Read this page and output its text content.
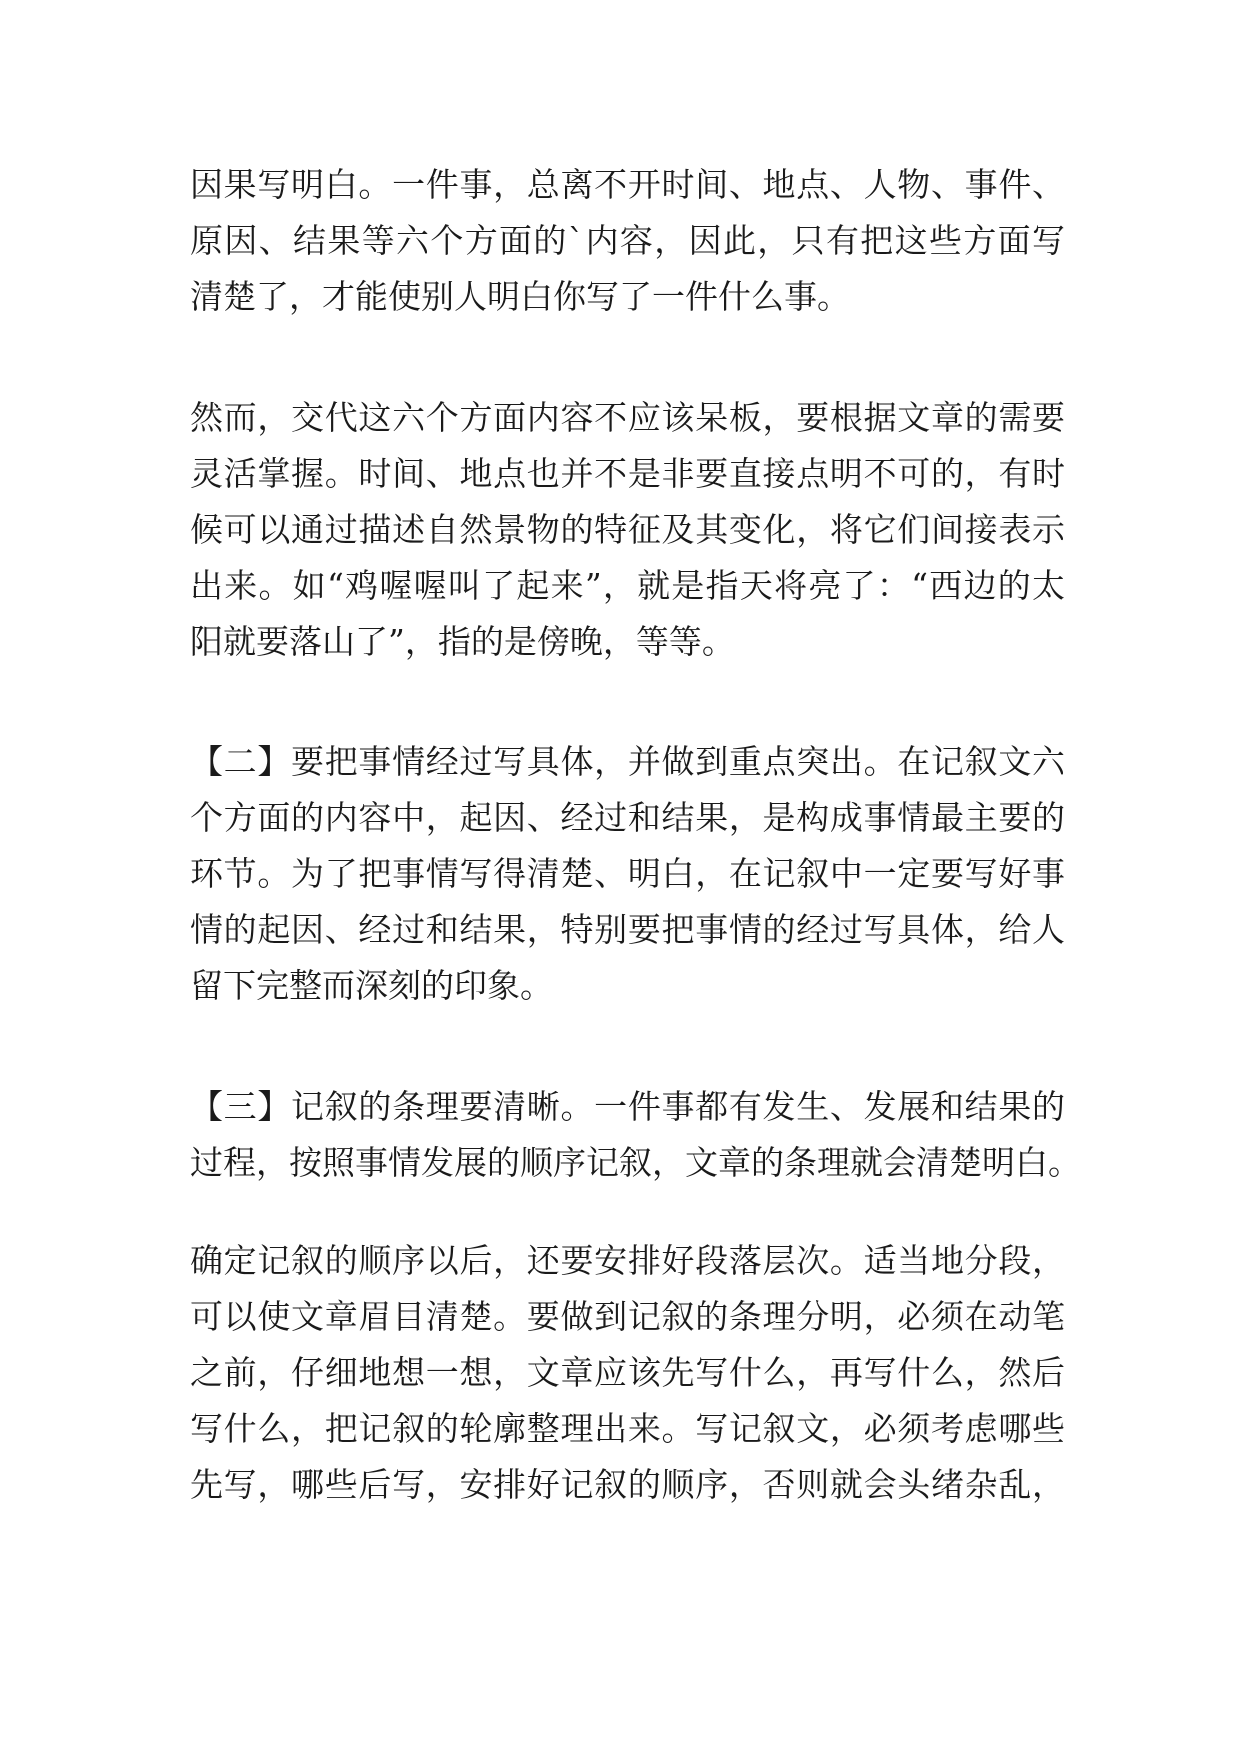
因果写明白。一件事，总离不开时间、地点、人物、事件、
原因、结果等六个方面的`内容，因此，只有把这些方面写
清楚了，才能使别人明白你写了一件什么事。
然而，交代这六个方面内容不应该呆板，要根据文章的需要
灵活掌握。时间、地点也并不是非要直接点明不可的，有时
候可以通过描述自然景物的特征及其变化，将它们间接表示
出来。如“鸡喔喔叫了起来”，就是指天将亮了：“西边的太
阳就要落山了”，指的是傍晚，等等。
【二】要把事情经过写具体，并做到重点突出。在记叙文六
个方面的内容中，起因、经过和结果，是构成事情最主要的
环节。为了把事情写得清楚、明白，在记叙中一定要写好事
情的起因、经过和结果，特别要把事情的经过写具体，给人
留下完整而深刻的印象。
【三】记叙的条理要清晰。一件事都有发生、发展和结果的
过程，按照事情发展的顺序记叙，文章的条理就会清楚明白。
确定记叙的顺序以后，还要安排好段落层次。适当地分段，
可以使文章眉目清楚。要做到记叙的条理分明，必须在动笔
之前，仔细地想一想，文章应该先写什么，再写什么，然后
写什么，把记叙的轮廓整理出来。写记叙文，必须考虑哪些
先写，哪些后写，安排好记叙的顺序，否则就会头绪杂乱，
